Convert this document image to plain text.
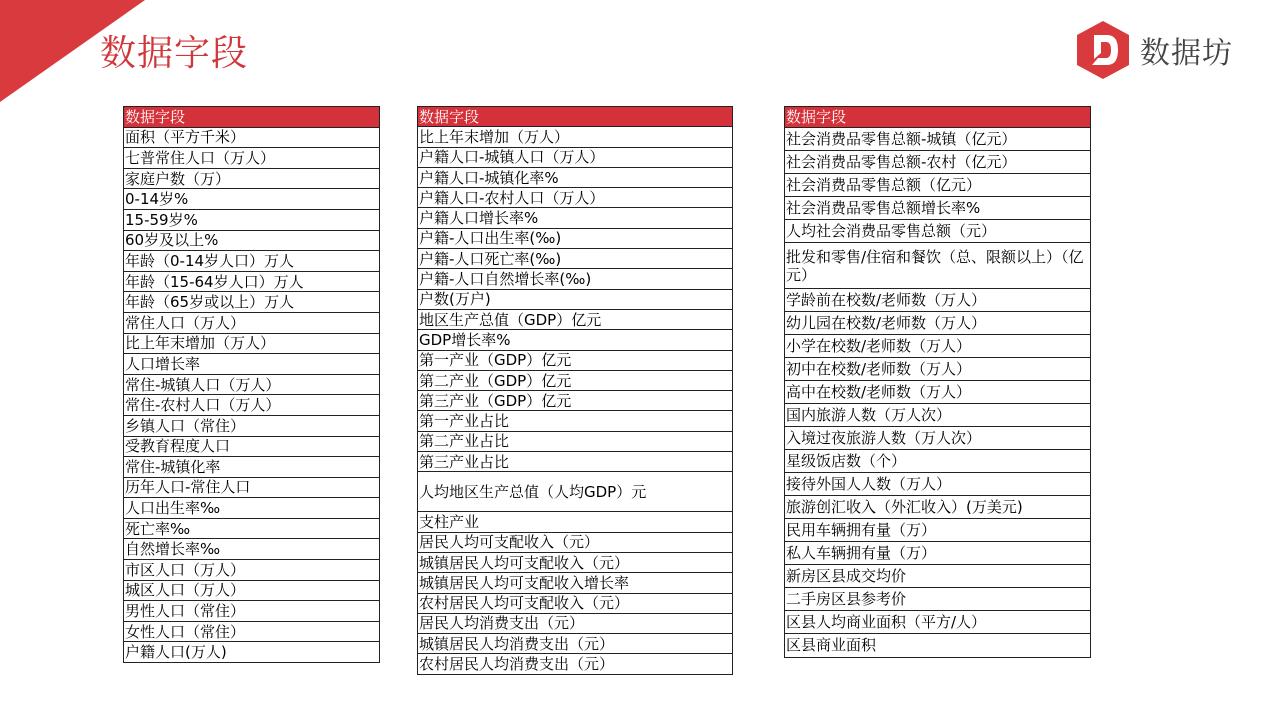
数据字段	数据坊
数据字段
面积（平方千米）
七普常住人口（万人）
家庭户数（万）
0-14岁%
15-59岁%
60岁及以上%
年龄（0-14岁人口）万人
年龄（15-64岁人口）万人
年龄（65岁或以上）万人
常住人口（万人）
比上年末增加（万人）
人口增长率
常住-城镇人口（万人）
常住-农村人口（万人）
乡镇人口（常住）
受教育程度人口
常住-城镇化率
历年人口-常住人口
人口出生率‰
死亡率‰
自然增长率‰
市区人口（万人）
城区人口（万人）
男性人口（常住）
女性人口（常住）
户籍人口(万人)
数据字段
比上年末增加（万人）
户籍人口-城镇人口（万人）
户籍人口-城镇化率%
户籍人口-农村人口（万人）
户籍人口增长率%
户籍-人口出生率(‰)
户籍-人口死亡率(‰)
户籍-人口自然增长率(‰)
户数(万户)
地区生产总值（GDP）亿元
GDP增长率%
第一产业（GDP）亿元
第二产业（GDP）亿元
第三产业（GDP）亿元
第一产业占比
第二产业占比
第三产业占比
人均地区生产总值（人均GDP）元
支柱产业
居民人均可支配收入（元）
城镇居民人均可支配收入（元）
城镇居民人均可支配收入增长率
农村居民人均可支配收入（元）
居民人均消费支出（元）
城镇居民人均消费支出（元）
农村居民人均消费支出（元）
数据字段
社会消费品零售总额-城镇（亿元）
社会消费品零售总额-农村（亿元）
社会消费品零售总额（亿元）
社会消费品零售总额增长率%
人均社会消费品零售总额（元）
批发和零售/住宿和餐饮（总、限额以上）（亿元）
学龄前在校数/老师数（万人）
幼儿园在校数/老师数（万人）
小学在校数/老师数（万人）
初中在校数/老师数（万人）
高中在校数/老师数（万人）
国内旅游人数（万人次）
入境过夜旅游人数（万人次）
星级饭店数（个）
接待外国人人数（万人）
旅游创汇收入（外汇收入）(万美元)
民用车辆拥有量（万）
私人车辆拥有量（万）
新房区县成交均价
二手房区县参考价
区县人均商业面积（平方/人）
区县商业面积
